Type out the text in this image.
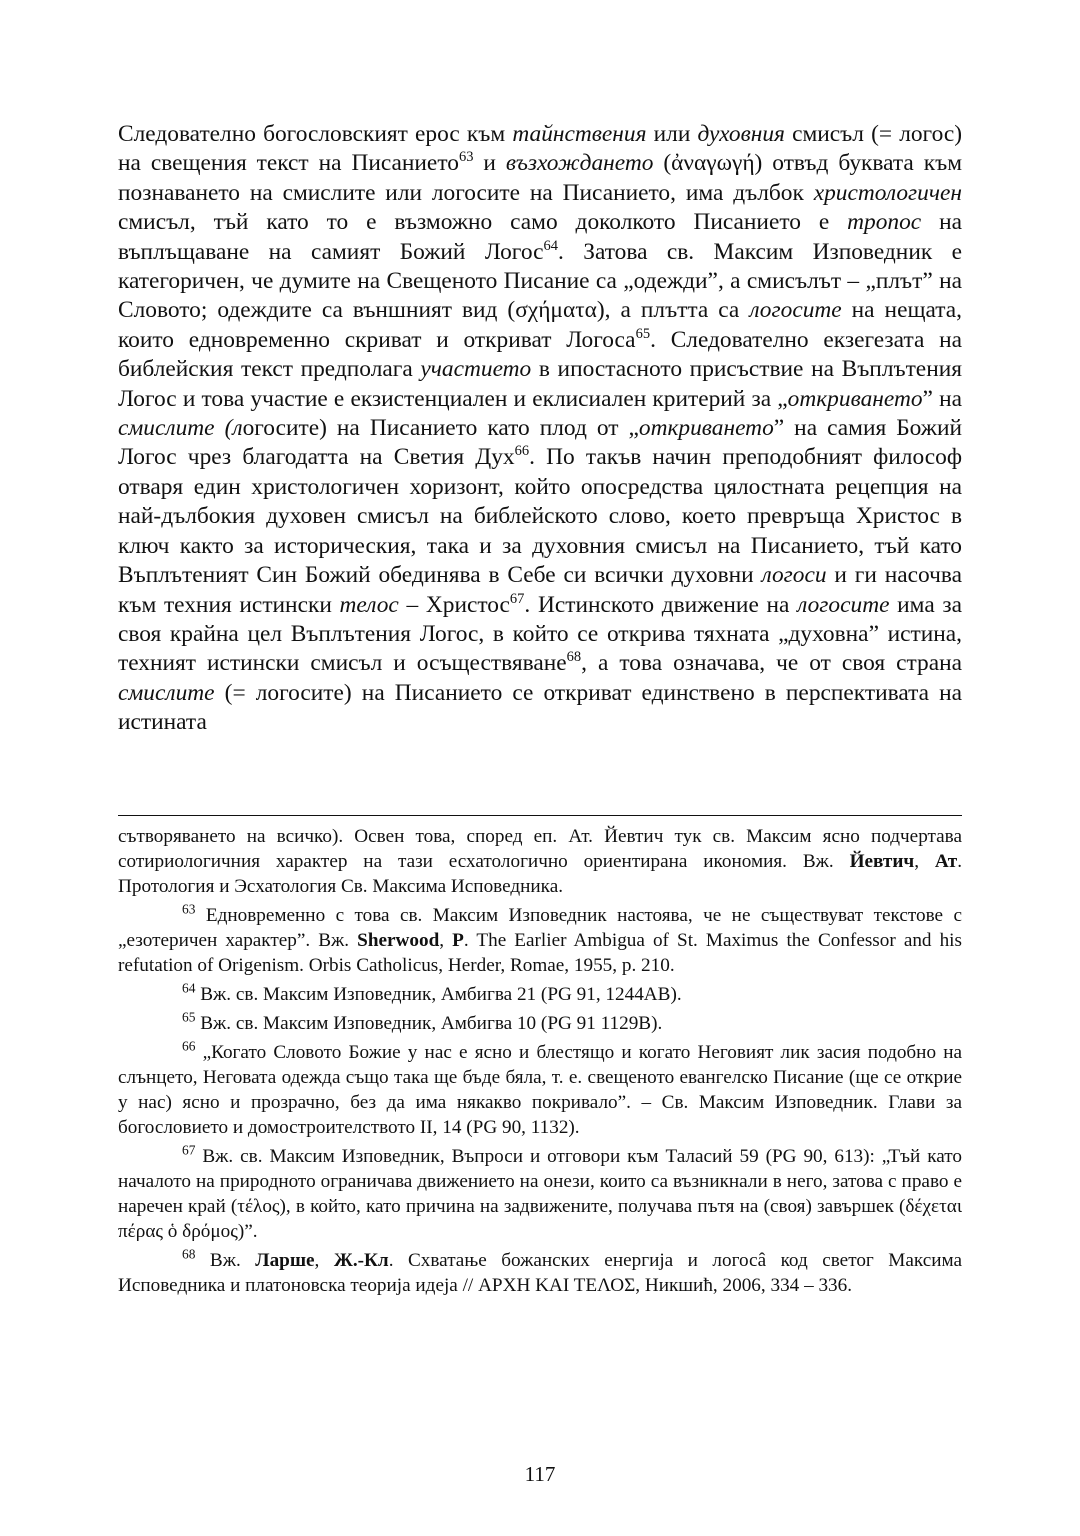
Следователно богословският ерос към тайнствения или духовния смисъл (= логос) на свещения текст на Писанието$^{63}$ и възхождането (ἀναγωγή) отвъд буквата към познаването на смислите или логосите на Писанието, има дълбок христологичен смисъл, тъй като то е възможно само доколкото Писанието е тропос на въплъщаване на самият Божий Логос$^{64}$. Затова св. Максим Изповедник е категоричен, че думите на Свещеното Писание са „одежди”, а смисълът – „плът” на Словото; одеждите са външният вид (σχήματα), а плътта са логосите на нещата, които едновременно скриват и откриват Логоса$^{65}$. Следователно екзегезата на библейския текст предполага участието в ипостасното присъствие на Въплътения Логос и това участие е екзистенциален и еклисиален критерий за „откриването” на смислите (логосите) на Писанието като плод от „откриването” на самия Божий Логос чрез благодатта на Светия Дух$^{66}$. По такъв начин преподобният философ отваря един христологичен хоризонт, който опосредства цялостната рецепция на най-дълбокия духовен смисъл на библейското слово, което превръща Христос в ключ както за историческия, така и за духовния смисъл на Писанието, тъй като Въплътеният Син Божий обединява в Себе си всички духовни логоси и ги насочва към техния истински телос – Христос$^{67}$. Истинското движение на логосите има за своя крайна цел Въплътения Логос, в който се открива тяхната „духовна” истина, техният истински смисъл и осъществяване$^{68}$, а това означава, че от своя страна смислите (= логосите) на Писанието се откриват единствено в перспективата на истината

сътворяването на всичко). Освен това, според еп. Ат. Йевтич тук св. Максим ясно подчертава сотириологичния характер на тази есхатологично ориентирана икономия. Вж. Йевтич, Ат. Протология и Эсхатология Св. Максима Исповедника.

$^{63}$ Едновременно с това св. Максим Изповедник настоява, че не съществуват текстове с „езотеричен характер”. Вж. Sherwood, P. The Earlier Ambigua of St. Maximus the Confessor and his refutation of Origenism. Orbis Catholicus, Herder, Romae, 1955, p. 210.

$^{64}$ Вж. св. Максим Изповедник, Амбигва 21 (PG 91, 1244AB).

$^{65}$ Вж. св. Максим Изповедник, Амбигва 10 (PG 91 1129B).

$^{66}$ „Когато Словото Божие у нас е ясно и блестящо и когато Неговият лик засия подобно на слънцето, Неговата одежда също така ще бъде бяла, т. е. свещеното евангелско Писание (ще се открие у нас) ясно и прозрачно, без да има някакво покривало”. – Св. Максим Изповедник. Глави за богословието и домостроителството II, 14 (PG 90, 1132).

$^{67}$ Вж. св. Максим Изповедник, Въпроси и отговори към Таласий 59 (PG 90, 613): „Тъй като началото на природното ограничава движението на онези, които са възникнали в него, затова с право е наречен край (τέλος), в който, като причина на задвижените, получава пътя на (своя) завършек (δέχεται πέρας ὁ δρόμος)”.

$^{68}$ Вж. Ларше, Ж.-Кл. Схватање божанских енергија и логосâ код светог Максима Исповедника и платоновска теорија идеја // ΑΡΧΗ ΚΑΙ ΤΕΛΟΣ, Никшић, 2006, 334 – 336.

117
